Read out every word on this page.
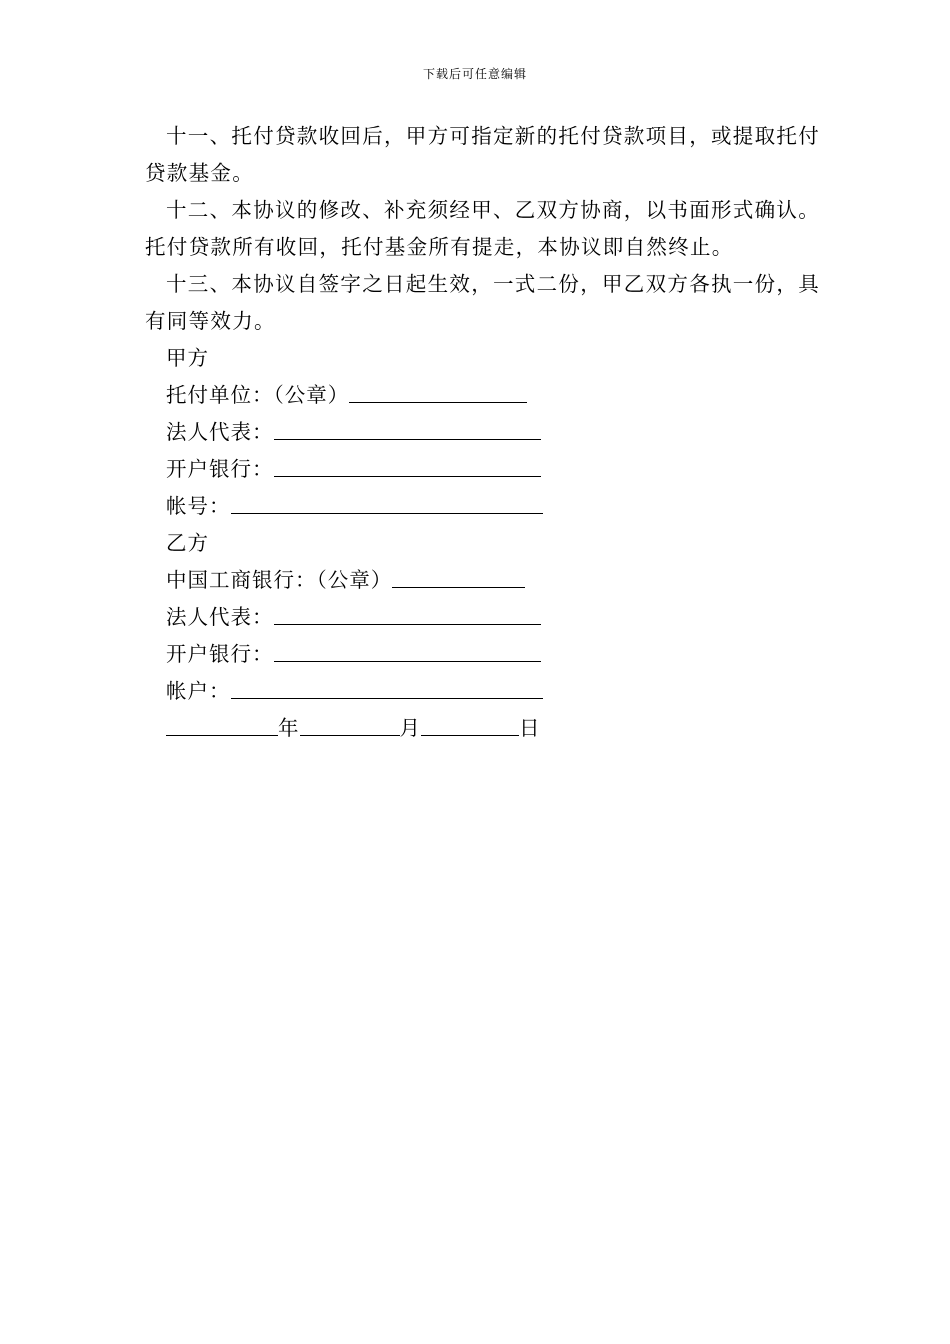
下载后可任意编辑

十一、托付贷款收回后，甲方可指定新的托付贷款项目，或提取托付贷款基金。

十二、本协议的修改、补充须经甲、乙双方协商，以书面形式确认。托付贷款所有收回，托付基金所有提走，本协议即自然终止。

十三、本协议自签字之日起生效，一式二份，甲乙双方各执一份，具有同等效力。

甲方
托付单位：（公章）
法人代表：
开户银行：
帐号：
乙方
中国工商银行：（公章）
法人代表：
开户银行：
帐户：
年	月	日
